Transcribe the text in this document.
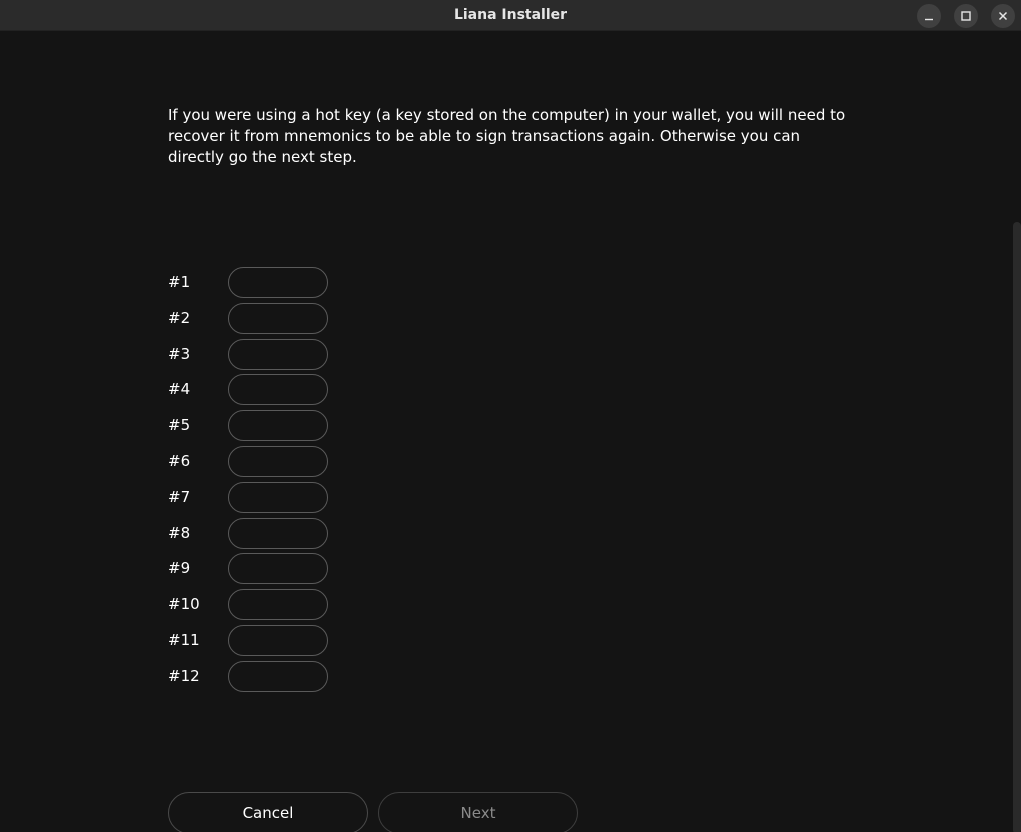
Liana Installer
If you were using a hot key (a key stored on the computer) in your wallet, you will need to recover it from mnemonics to be able to sign transactions again. Otherwise you can directly go the next step.
#1
#2
#3
#4
#5
#6
#7
#8
#9
#10
#11
#12
Cancel	Next
